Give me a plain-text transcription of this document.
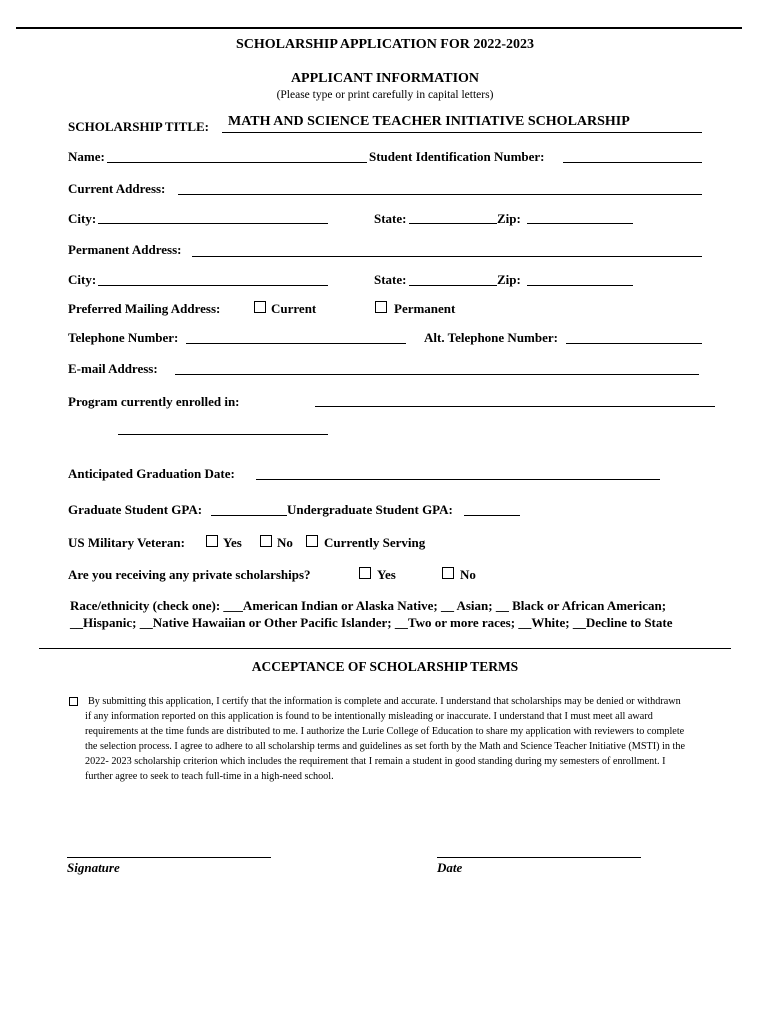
SCHOLARSHIP APPLICATION FOR 2022-2023
APPLICANT INFORMATION
(Please type or print carefully in capital letters)
SCHOLARSHIP TITLE: MATH AND SCIENCE TEACHER INITIATIVE SCHOLARSHIP
Name:	Student Identification Number:
Current Address:
City:	State:	Zip:
Permanent Address:
City:	State:	Zip:
Preferred Mailing Address:	Current	Permanent
Telephone Number:	Alt. Telephone Number:
E-mail Address:
Program currently enrolled in:
Anticipated Graduation Date:
Graduate Student GPA:	Undergraduate Student GPA:
US Military Veteran:	Yes	No Currently Serving
Are you receiving any private scholarships?	Yes	No
Race/ethnicity (check one): ___American Indian or Alaska Native; __ Asian; __ Black or African American;
__Hispanic; __Native Hawaiian or Other Pacific Islander; __Two or more races; __White; __Decline to State
ACCEPTANCE OF SCHOLARSHIP TERMS
By submitting this application, I certify that the information is complete and accurate. I understand that scholarships may be denied or withdrawn if any information reported on this application is found to be intentionally misleading or inaccurate. I understand that I must meet all award requirements at the time funds are distributed to me. I authorize the Lurie College of Education to share my application with reviewers to complete the selection process. I agree to adhere to all scholarship terms and guidelines as set forth by the Math and Science Teacher Initiative (MSTI) in the 2022- 2023 scholarship criterion which includes the requirement that I remain a student in good standing during my semesters of enrollment. I further agree to seek to teach full-time in a high-need school.
Signature	Date
